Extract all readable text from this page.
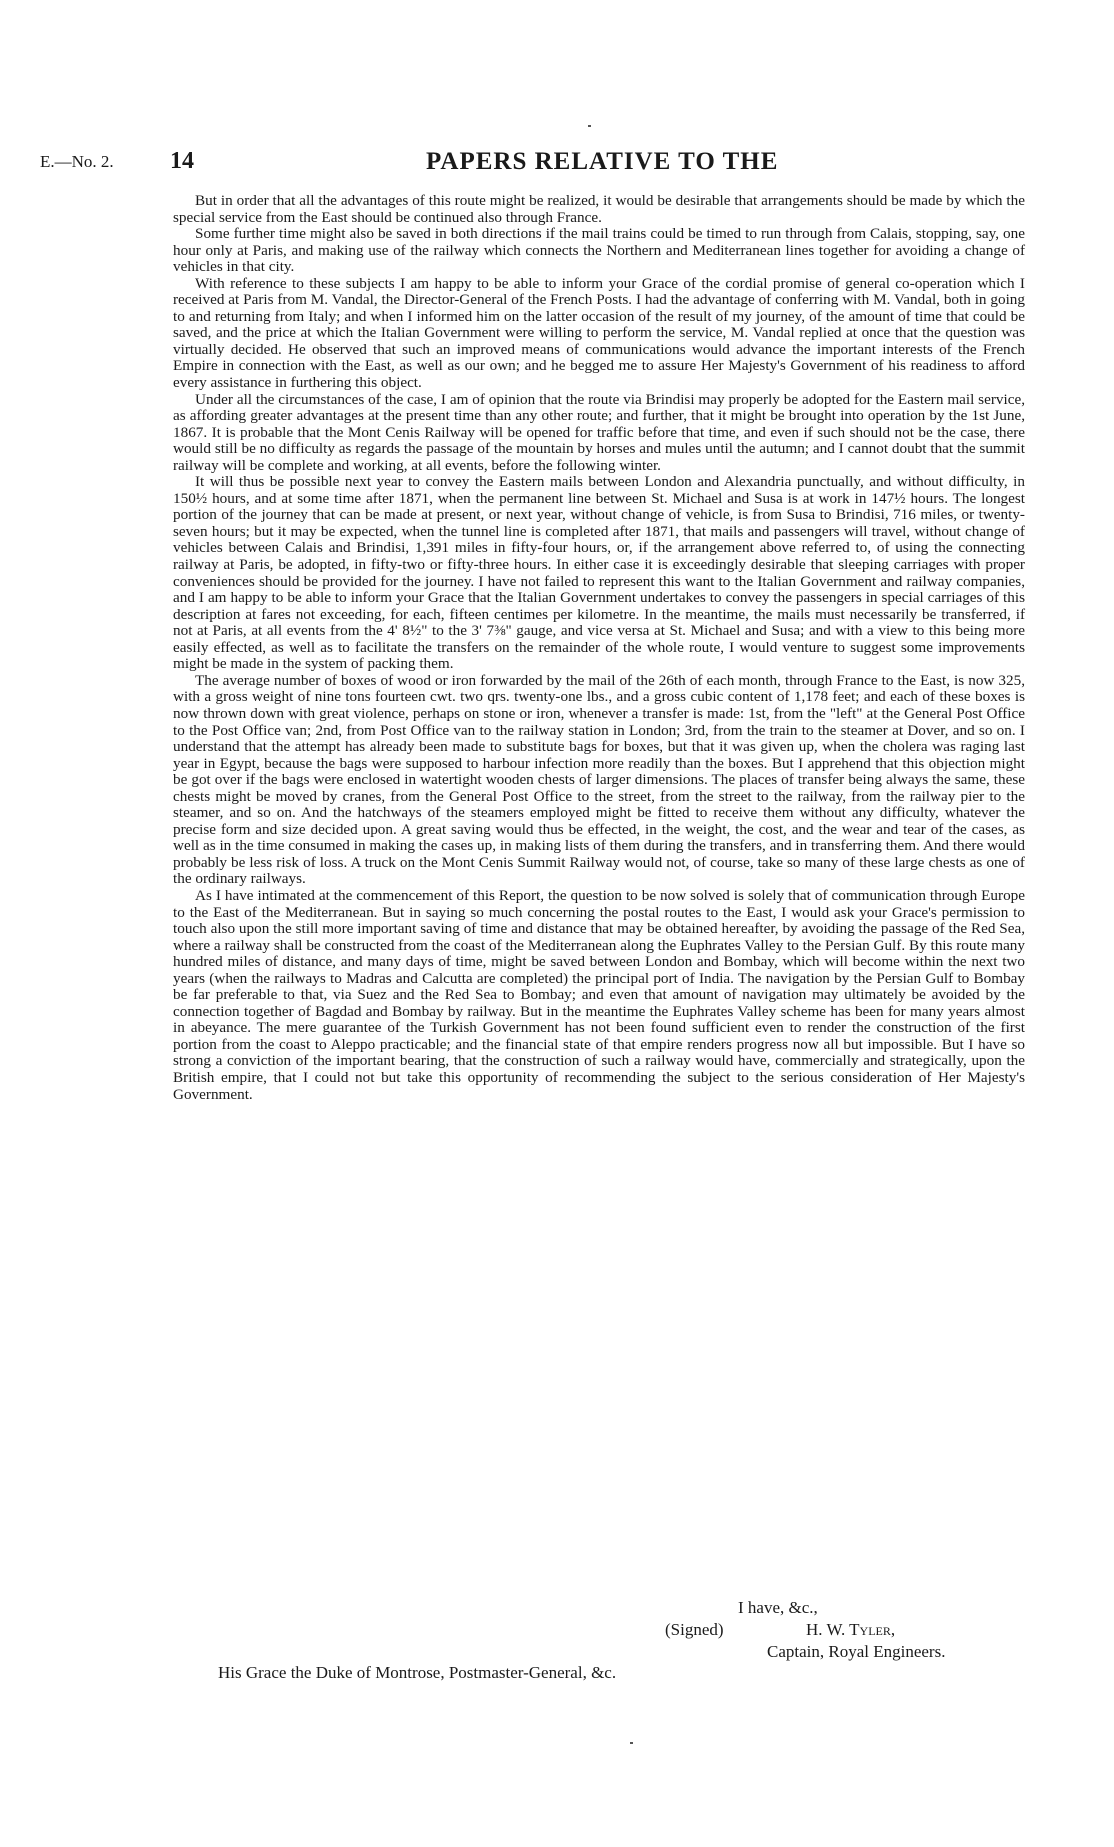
E.—No. 2. 14	PAPERS RELATIVE TO THE

But in order that all the advantages of this route might be realized, it would be desirable that arrangements should be made by which the special service from the East should be continued also through France.

Some further time might also be saved in both directions if the mail trains could be timed to run through from Calais, stopping, say, one hour only at Paris, and making use of the railway which connects the Northern and Mediterranean lines together for avoiding a change of vehicles in that city.

With reference to these subjects I am happy to be able to inform your Grace of the cordial promise of general co-operation which I received at Paris from M. Vandal, the Director-General of the French Posts. I had the advantage of conferring with M. Vandal, both in going to and returning from Italy; and when I informed him on the latter occasion of the result of my journey, of the amount of time that could be saved, and the price at which the Italian Government were willing to perform the service, M. Vandal replied at once that the question was virtually decided. He observed that such an improved means of communications would advance the important interests of the French Empire in connection with the East, as well as our own; and he begged me to assure Her Majesty's Government of his readiness to afford every assistance in furthering this object.

Under all the circumstances of the case, I am of opinion that the route via Brindisi may properly be adopted for the Eastern mail service, as affording greater advantages at the present time than any other route; and further, that it might be brought into operation by the 1st June, 1867. It is probable that the Mont Cenis Railway will be opened for traffic before that time, and even if such should not be the case, there would still be no difficulty as regards the passage of the mountain by horses and mules until the autumn; and I cannot doubt that the summit railway will be complete and working, at all events, before the following winter.

It will thus be possible next year to convey the Eastern mails between London and Alexandria punctually, and without difficulty, in 150½ hours, and at some time after 1871, when the permanent line between St. Michael and Susa is at work in 147½ hours. The longest portion of the journey that can be made at present, or next year, without change of vehicle, is from Susa to Brindisi, 716 miles, or twenty-seven hours; but it may be expected, when the tunnel line is completed after 1871, that mails and passengers will travel, without change of vehicles between Calais and Brindisi, 1,391 miles in fifty-four hours, or, if the arrangement above referred to, of using the connecting railway at Paris, be adopted, in fifty-two or fifty-three hours. In either case it is exceedingly desirable that sleeping carriages with proper conveniences should be provided for the journey. I have not failed to represent this want to the Italian Government and railway companies, and I am happy to be able to inform your Grace that the Italian Government undertakes to convey the passengers in special carriages of this description at fares not exceeding, for each, fifteen centimes per kilometre. In the meantime, the mails must necessarily be transferred, if not at Paris, at all events from the 4' 8½" to the 3' 7⅜" gauge, and vice versa at St. Michael and Susa; and with a view to this being more easily effected, as well as to facilitate the transfers on the remainder of the whole route, I would venture to suggest some improvements might be made in the system of packing them.

The average number of boxes of wood or iron forwarded by the mail of the 26th of each month, through France to the East, is now 325, with a gross weight of nine tons fourteen cwt. two qrs. twenty-one lbs., and a gross cubic content of 1,178 feet; and each of these boxes is now thrown down with great violence, perhaps on stone or iron, whenever a transfer is made: 1st, from the "left" at the General Post Office to the Post Office van; 2nd, from Post Office van to the railway station in London; 3rd, from the train to the steamer at Dover, and so on. I understand that the attempt has already been made to substitute bags for boxes, but that it was given up, when the cholera was raging last year in Egypt, because the bags were supposed to harbour infection more readily than the boxes. But I apprehend that this objection might be got over if the bags were enclosed in watertight wooden chests of larger dimensions. The places of transfer being always the same, these chests might be moved by cranes, from the General Post Office to the street, from the street to the railway, from the railway pier to the steamer, and so on. And the hatchways of the steamers employed might be fitted to receive them without any difficulty, whatever the precise form and size decided upon. A great saving would thus be effected, in the weight, the cost, and the wear and tear of the cases, as well as in the time consumed in making the cases up, in making lists of them during the transfers, and in transferring them. And there would probably be less risk of loss. A truck on the Mont Cenis Summit Railway would not, of course, take so many of these large chests as one of the ordinary railways.

As I have intimated at the commencement of this Report, the question to be now solved is solely that of communication through Europe to the East of the Mediterranean. But in saying so much concerning the postal routes to the East, I would ask your Grace's permission to touch also upon the still more important saving of time and distance that may be obtained hereafter, by avoiding the passage of the Red Sea, where a railway shall be constructed from the coast of the Mediterranean along the Euphrates Valley to the Persian Gulf. By this route many hundred miles of distance, and many days of time, might be saved between London and Bombay, which will become within the next two years (when the railways to Madras and Calcutta are completed) the principal port of India. The navigation by the Persian Gulf to Bombay be far preferable to that, via Suez and the Red Sea to Bombay; and even that amount of navigation may ultimately be avoided by the connection together of Bagdad and Bombay by railway. But in the meantime the Euphrates Valley scheme has been for many years almost in abeyance. The mere guarantee of the Turkish Government has not been found sufficient even to render the construction of the first portion from the coast to Aleppo practicable; and the financial state of that empire renders progress now all but impossible. But I have so strong a conviction of the important bearing, that the construction of such a railway would have, commercially and strategically, upon the British empire, that I could not but take this opportunity of recommending the subject to the serious consideration of Her Majesty's Government.

I have, &c.,
(Signed)	H. W. Tyler,
Captain, Royal Engineers.
His Grace the Duke of Montrose, Postmaster-General, &c.
